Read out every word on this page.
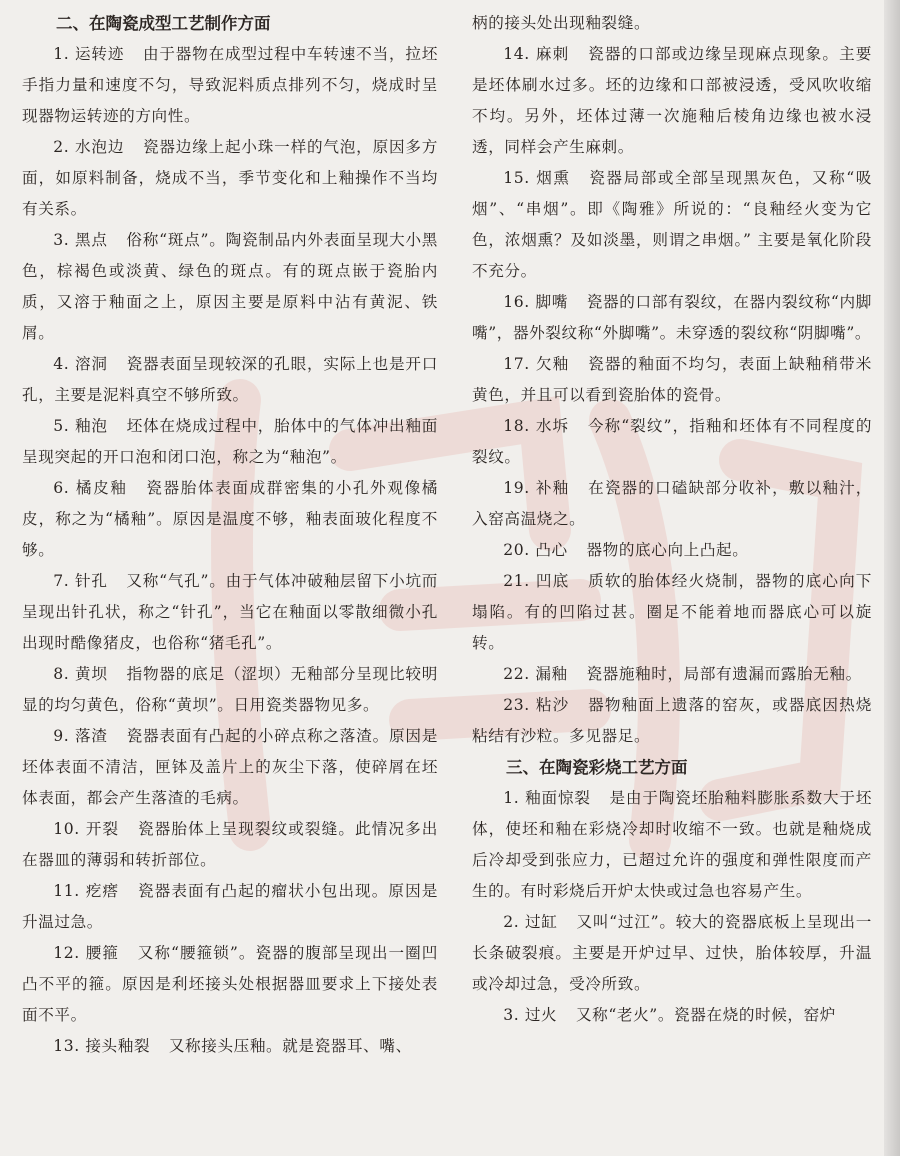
二、在陶瓷成型工艺制作方面

1. 运转迹 由于器物在成型过程中车转速不当，拉坯手指力量和速度不匀，导致泥料质点排列不匀，烧成时呈现器物运转迹的方向性。

2. 水泡边 瓷器边缘上起小珠一样的气泡，原因多方面，如原料制备，烧成不当，季节变化和上釉操作不当均有关系。

3. 黑点 俗称“斑点”。陶瓷制品内外表面呈现大小黑色，棕褐色或淡黄、绿色的斑点。有的斑点嵌于瓷胎内质，又溶于釉面之上，原因主要是原料中沾有黄泥、铁屑。

4. 溶洞 瓷器表面呈现较深的孔眼，实际上也是开口孔，主要是泥料真空不够所致。

5. 釉泡 坯体在烧成过程中，胎体中的气体冲出釉面呈现突起的开口泡和闭口泡，称之为“釉泡”。

6. 橘皮釉 瓷器胎体表面成群密集的小孔外观像橘皮，称之为“橘釉”。原因是温度不够，釉表面玻化程度不够。

7. 针孔 又称“气孔”。由于气体冲破釉层留下小坑而呈现出针孔状，称之“针孔”，当它在釉面以零散细微小孔出现时酷像猪皮，也俗称“猪毛孔”。

8. 黄坝 指物器的底足（涩坝）无釉部分呈现比较明显的均匀黄色，俗称“黄坝”。日用瓷类器物见多。

9. 落渣 瓷器表面有凸起的小碎点称之落渣。原因是坯体表面不清洁，匣钵及盖片上的灰尘下落，使碎屑在坯体表面，都会产生落渣的毛病。

10. 开裂 瓷器胎体上呈现裂纹或裂缝。此情况多出在器皿的薄弱和转折部位。

11. 疙瘩 瓷器表面有凸起的瘤状小包出现。原因是升温过急。

12. 腰箍 又称“腰箍锁”。瓷器的腹部呈现出一圈凹凸不平的箍。原因是利坯接头处根据器皿要求上下接处表面不平。

13. 接头釉裂 又称接头压釉。就是瓷器耳、嘴、

柄的接头处出现釉裂缝。

14. 麻刺 瓷器的口部或边缘呈现麻点现象。主要是坯体刷水过多。坯的边缘和口部被浸透，受风吹收缩不均。另外，坯体过薄一次施釉后棱角边缘也被水浸透，同样会产生麻刺。

15. 烟熏 瓷器局部或全部呈现黑灰色，又称“吸烟”、“串烟”。即《陶雅》所说的：“良釉经火变为它色，浓烟熏？及如淡墨，则谓之串烟。” 主要是氧化阶段不充分。

16. 脚嘴 瓷器的口部有裂纹，在器内裂纹称“内脚嘴”，器外裂纹称“外脚嘴”。未穿透的裂纹称“阴脚嘴”。

17. 欠釉 瓷器的釉面不均匀，表面上缺釉稍带米黄色，并且可以看到瓷胎体的瓷骨。

18. 水坼 今称“裂纹”，指釉和坯体有不同程度的裂纹。

19. 补釉 在瓷器的口磕缺部分收补，敷以釉汁，入窑高温烧之。

20. 凸心 器物的底心向上凸起。

21. 凹底 质软的胎体经火烧制，器物的底心向下塌陷。有的凹陷过甚。圈足不能着地而器底心可以旋转。

22. 漏釉 瓷器施釉时，局部有遗漏而露胎无釉。

23. 粘沙 器物釉面上遗落的窑灰，或器底因热烧粘结有沙粒。多见器足。

三、在陶瓷彩烧工艺方面

1. 釉面惊裂 是由于陶瓷坯胎釉料膨胀系数大于坯体，使坯和釉在彩烧冷却时收缩不一致。也就是釉烧成后冷却受到张应力，已超过允许的强度和弹性限度而产生的。有时彩烧后开炉太快或过急也容易产生。

2. 过缸 又叫“过江”。较大的瓷器底板上呈现出一长条破裂痕。主要是开炉过早、过快，胎体较厚，升温或冷却过急，受冷所致。

3. 过火 又称“老火”。瓷器在烧的时候，窑炉
